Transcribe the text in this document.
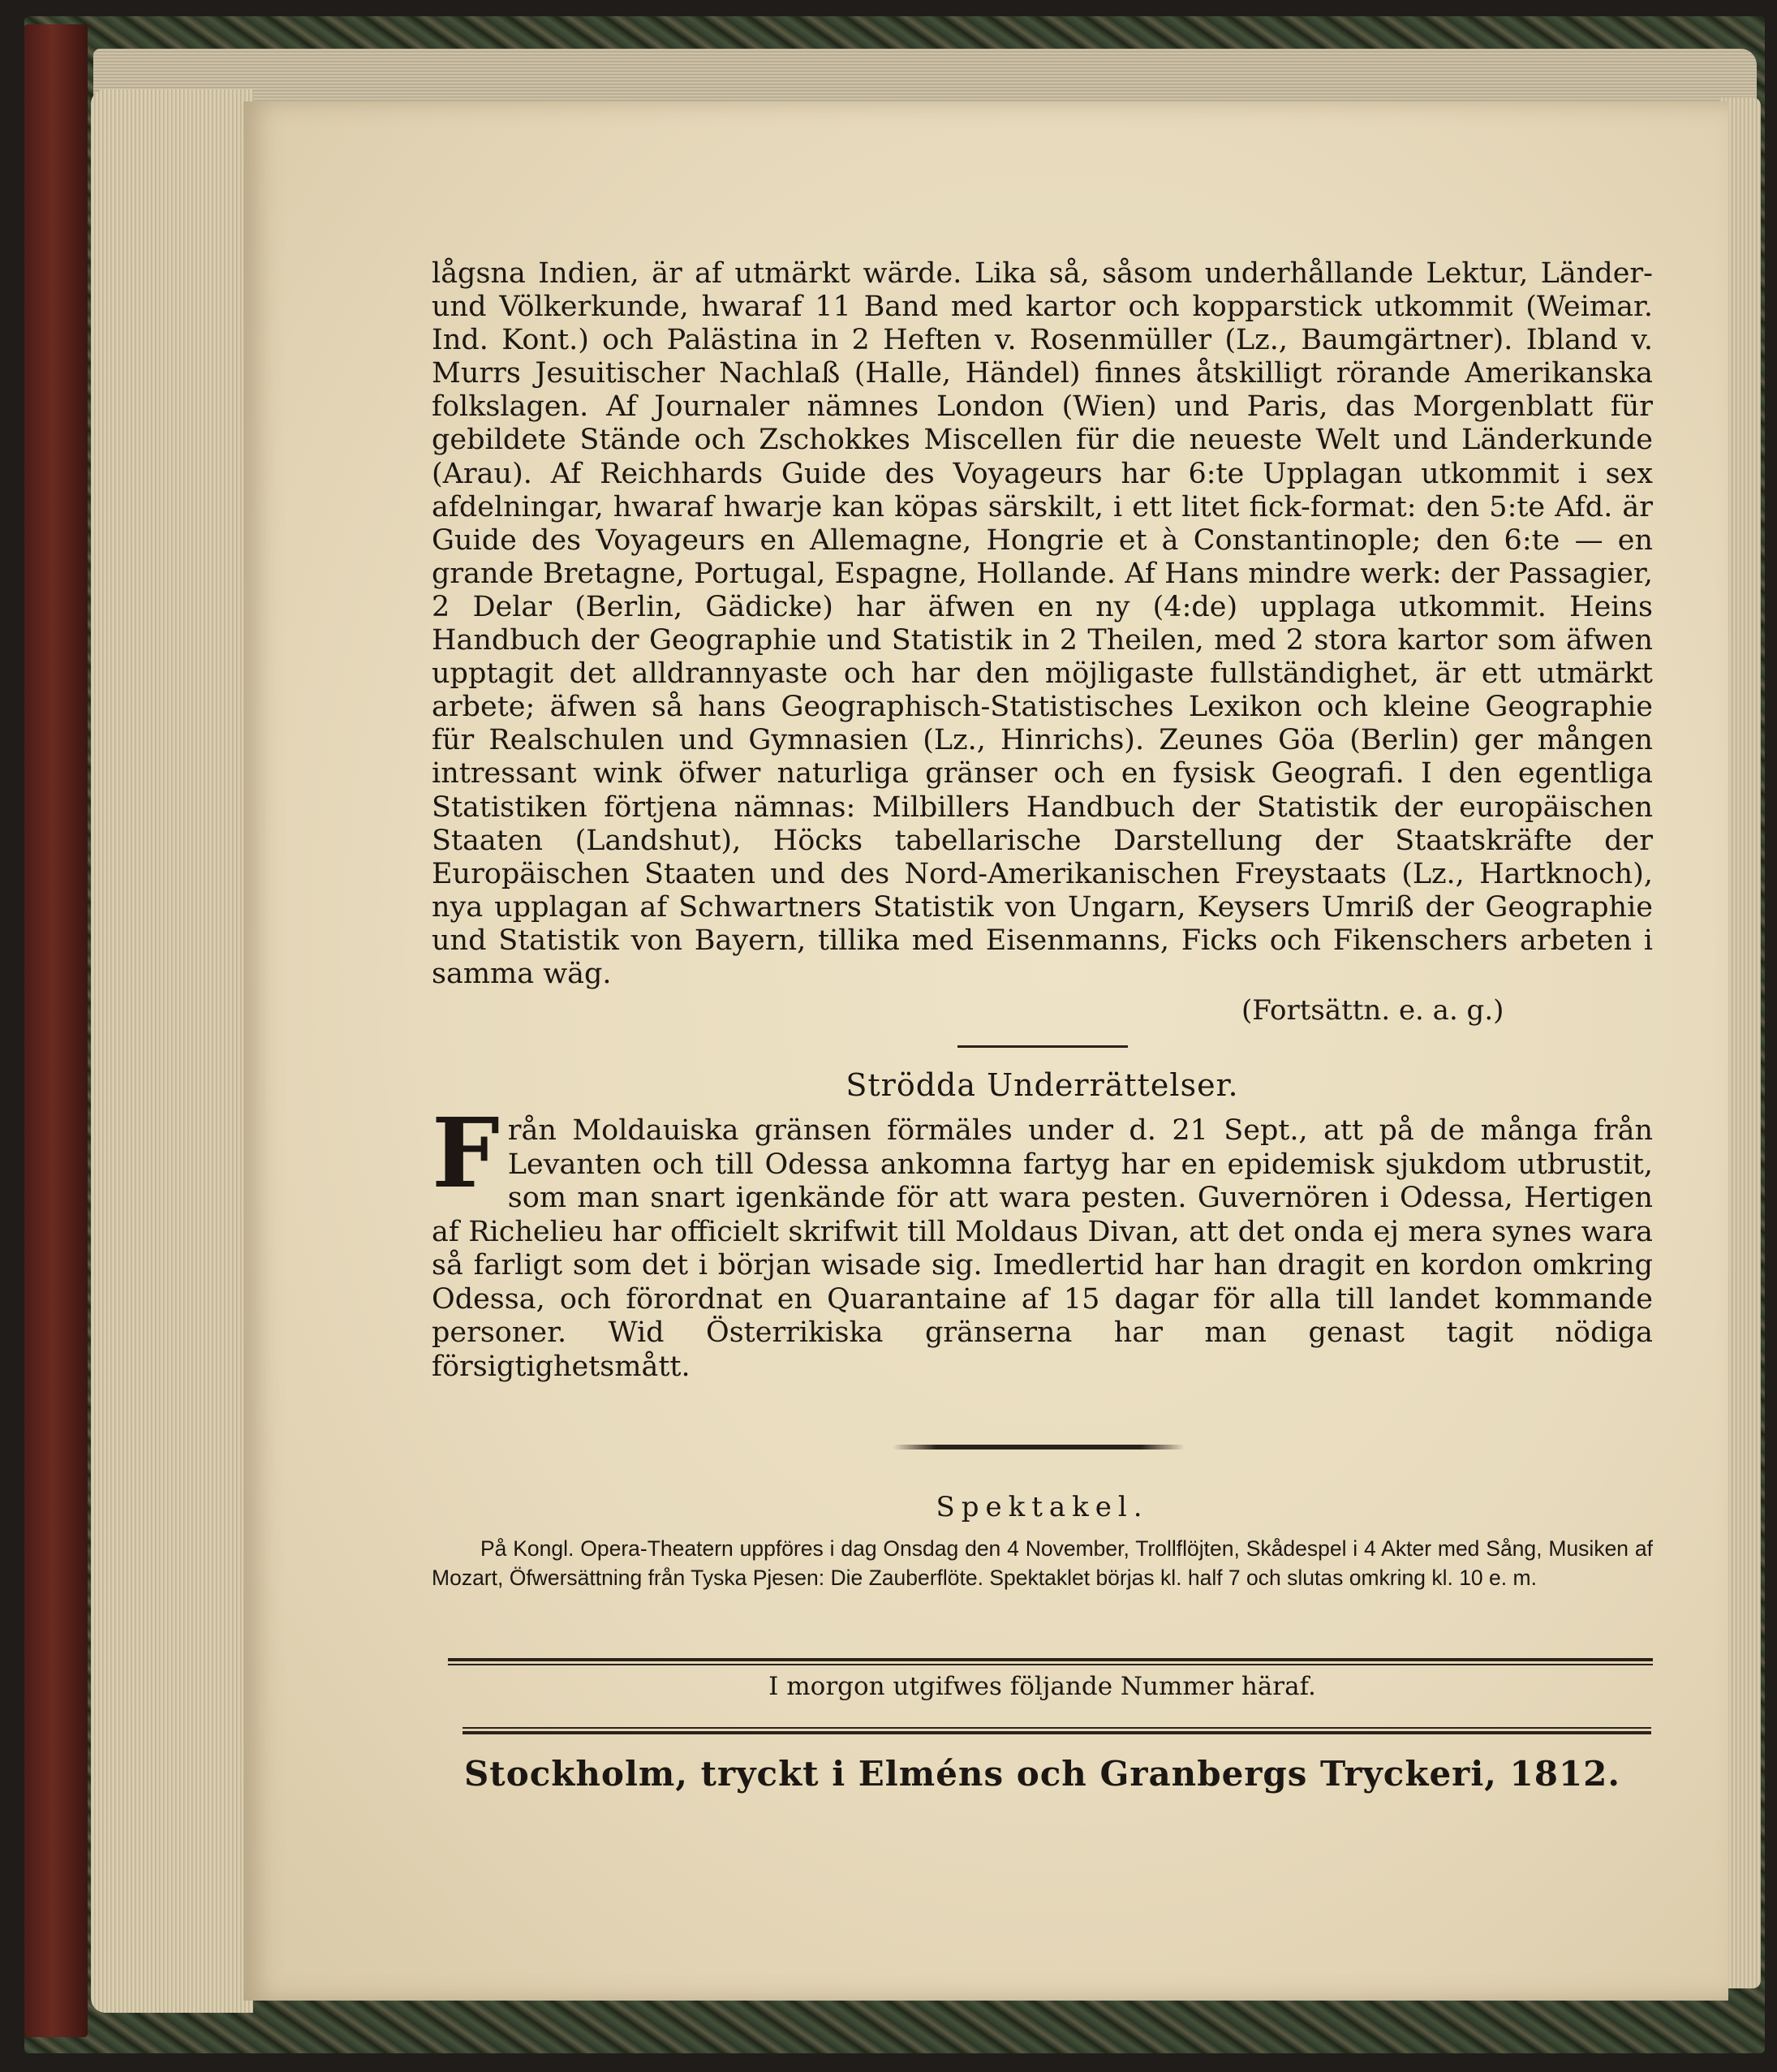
lågsna Indien, är af utmärkt wärde. Lika så, såsom underhållande Lektur, Länder- und Völkerkunde, hwaraf 11 Band med kartor och kopparstick utkommit (Weimar. Ind. Kont.) och Palästina in 2 Heften v. Rosenmüller (Lz., Baumgärtner). Ibland v. Murrs Jesuitischer Nachlaß (Halle, Händel) finnes åtskilligt rörande Amerikanska folkslagen. Af Journaler nämnes London (Wien) und Paris, das Morgenblatt für gebildete Stände och Zschokkes Miscellen für die neueste Welt und Länderkunde (Arau). Af Reichhards Guide des Voyageurs har 6:te Upplagan utkommit i sex afdelningar, hwaraf hwarje kan köpas särskilt, i ett litet fick-format: den 5:te Afd. är Guide des Voyageurs en Allemagne, Hongrie et à Constantinople; den 6:te — en grande Bretagne, Portugal, Espagne, Hollande. Af Hans mindre werk: der Passagier, 2 Delar (Berlin, Gädicke) har äfwen en ny (4:de) upplaga utkommit. Heins Handbuch der Geographie und Statistik in 2 Theilen, med 2 stora kartor som äfwen upptagit det alldrannyaste och har den möjligaste fullständighet, är ett utmärkt arbete; äfwen så hans Geographisch-Statistisches Lexikon och kleine Geographie für Realschulen und Gymnasien (Lz., Hinrichs). Zeunes Göa (Berlin) ger mången intressant wink öfwer naturliga gränser och en fysisk Geografi. I den egentliga Statistiken förtjena nämnas: Milbillers Handbuch der Statistik der europäischen Staaten (Landshut), Höcks tabellarische Darstellung der Staatskräfte der Europäischen Staaten und des Nord-Amerikanischen Freystaats (Lz., Hartknoch), nya upplagan af Schwartners Statistik von Ungarn, Keysers Umriß der Geographie und Statistik von Bayern, tillika med Eisenmanns, Ficks och Fikenschers arbeten i samma wäg.

(Fortsättn. e. a. g.)
Strödda Underrättelser.

Från Moldauiska gränsen förmäles under d. 21 Sept., att på de många från Levanten och till Odessa ankomna fartyg har en epidemisk sjukdom utbrustit, som man snart igenkände för att wara pesten. Guvernören i Odessa, Hertigen af Richelieu har officielt skrifwit till Moldaus Divan, att det onda ej mera synes wara så farligt som det i början wisade sig. Imedlertid har han dragit en kordon omkring Odessa, och förordnat en Quarantaine af 15 dagar för alla till landet kommande personer. Wid Österrikiska gränserna har man genast tagit nödiga försigtighetsmått.

Spektakel.

På Kongl. Opera-Theatern uppföres i dag Onsdag den 4 November, Trollflöjten, Skådespel i 4 Akter med Sång, Musiken af Mozart, Öfwersättning från Tyska Pjesen: Die Zauberflöte. Spektaklet börjas kl. half 7 och slutas omkring kl. 10 e. m.

I morgon utgifwes följande Nummer häraf.
Stockholm, tryckt i Elméns och Granbergs Tryckeri, 1812.
